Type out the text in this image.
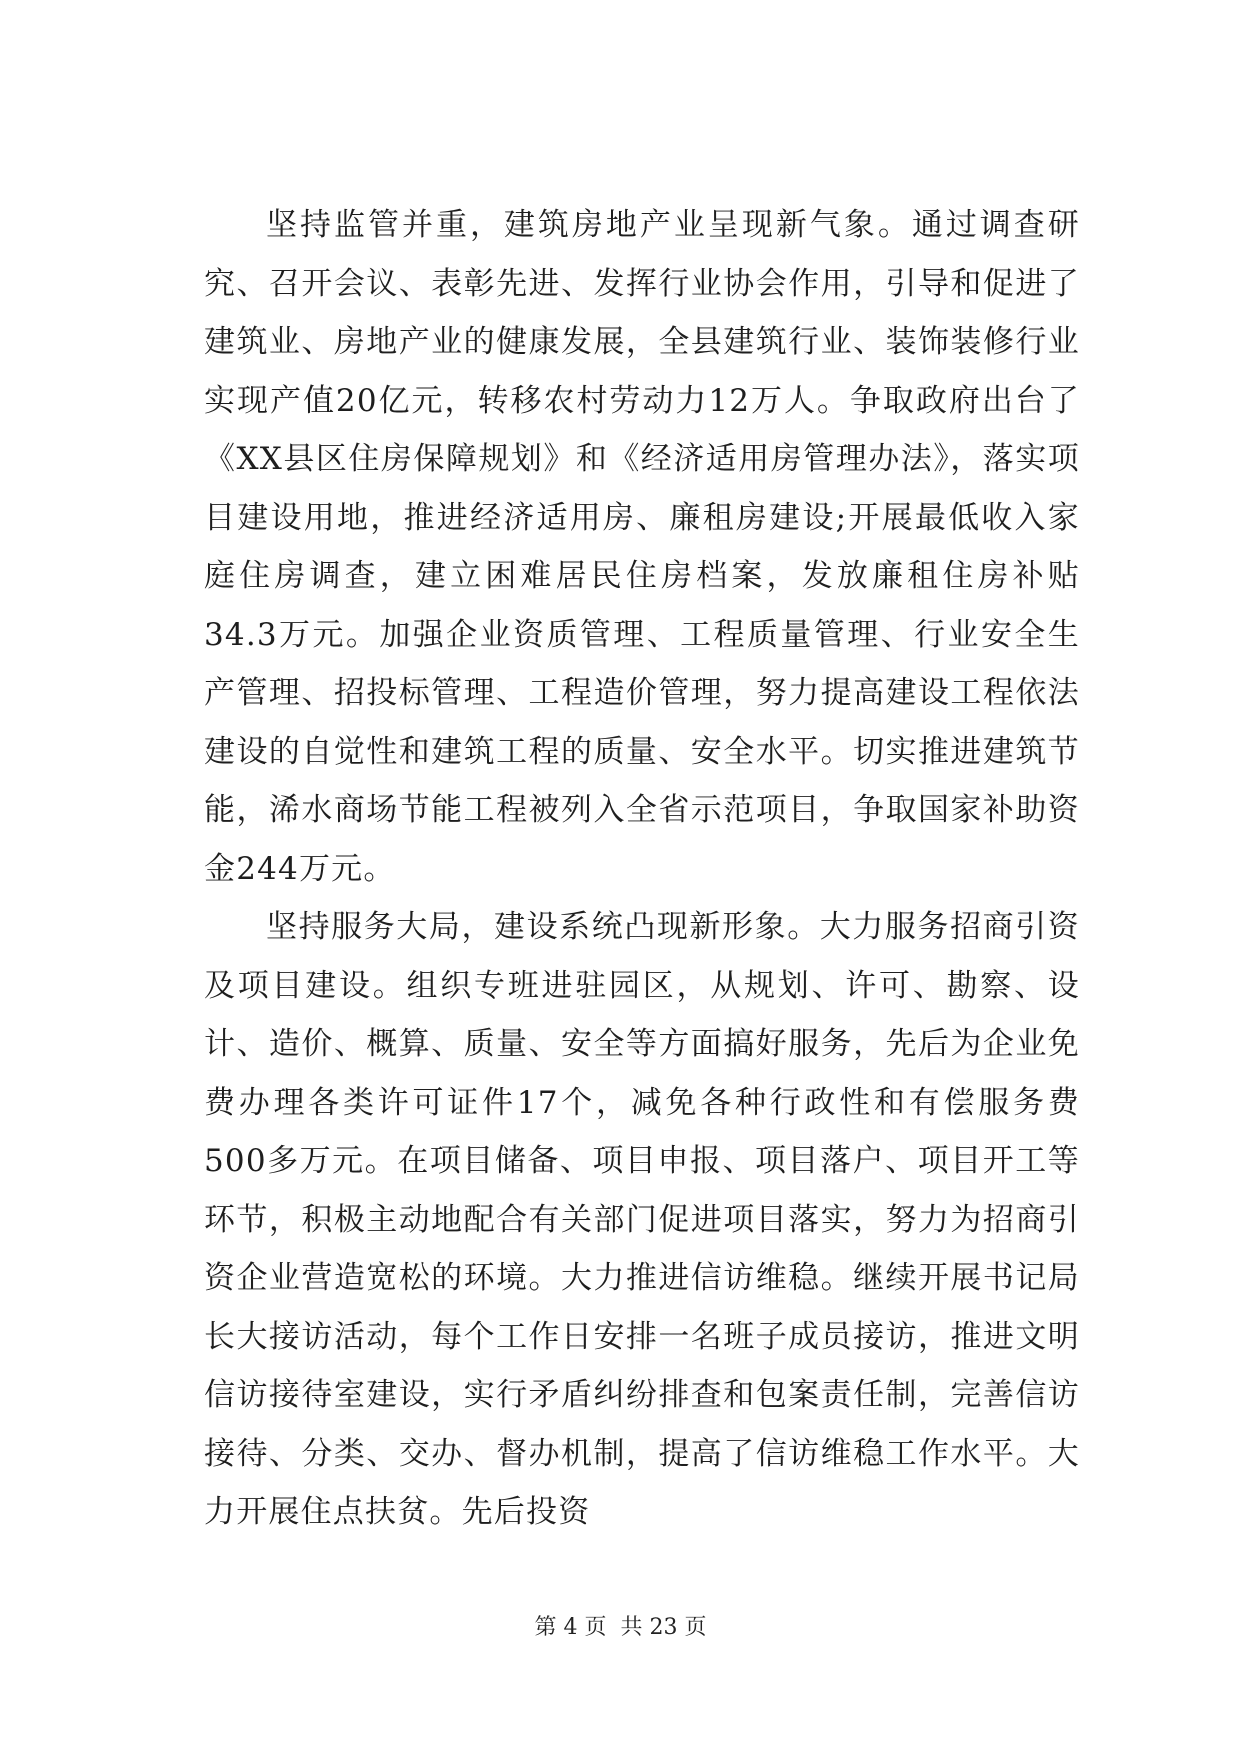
坚持监管并重，建筑房地产业呈现新气象。通过调查研究、召开会议、表彰先进、发挥行业协会作用，引导和促进了建筑业、房地产业的健康发展，全县建筑行业、装饰装修行业实现产值20亿元，转移农村劳动力12万人。争取政府出台了《XX县区住房保障规划》和《经济适用房管理办法》，落实项目建设用地，推进经济适用房、廉租房建设;开展最低收入家庭住房调查，建立困难居民住房档案，发放廉租住房补贴34.3万元。加强企业资质管理、工程质量管理、行业安全生产管理、招投标管理、工程造价管理，努力提高建设工程依法建设的自觉性和建筑工程的质量、安全水平。切实推进建筑节能，浠水商场节能工程被列入全省示范项目，争取国家补助资金244万元。

坚持服务大局，建设系统凸现新形象。大力服务招商引资及项目建设。组织专班进驻园区，从规划、许可、勘察、设计、造价、概算、质量、安全等方面搞好服务，先后为企业免费办理各类许可证件17个，减免各种行政性和有偿服务费500多万元。在项目储备、项目申报、项目落户、项目开工等环节，积极主动地配合有关部门促进项目落实，努力为招商引资企业营造宽松的环境。大力推进信访维稳。继续开展书记局长大接访活动，每个工作日安排一名班子成员接访，推进文明信访接待室建设，实行矛盾纠纷排查和包案责任制，完善信访接待、分类、交办、督办机制，提高了信访维稳工作水平。大力开展住点扶贫。先后投资

第 4 页  共 23 页
